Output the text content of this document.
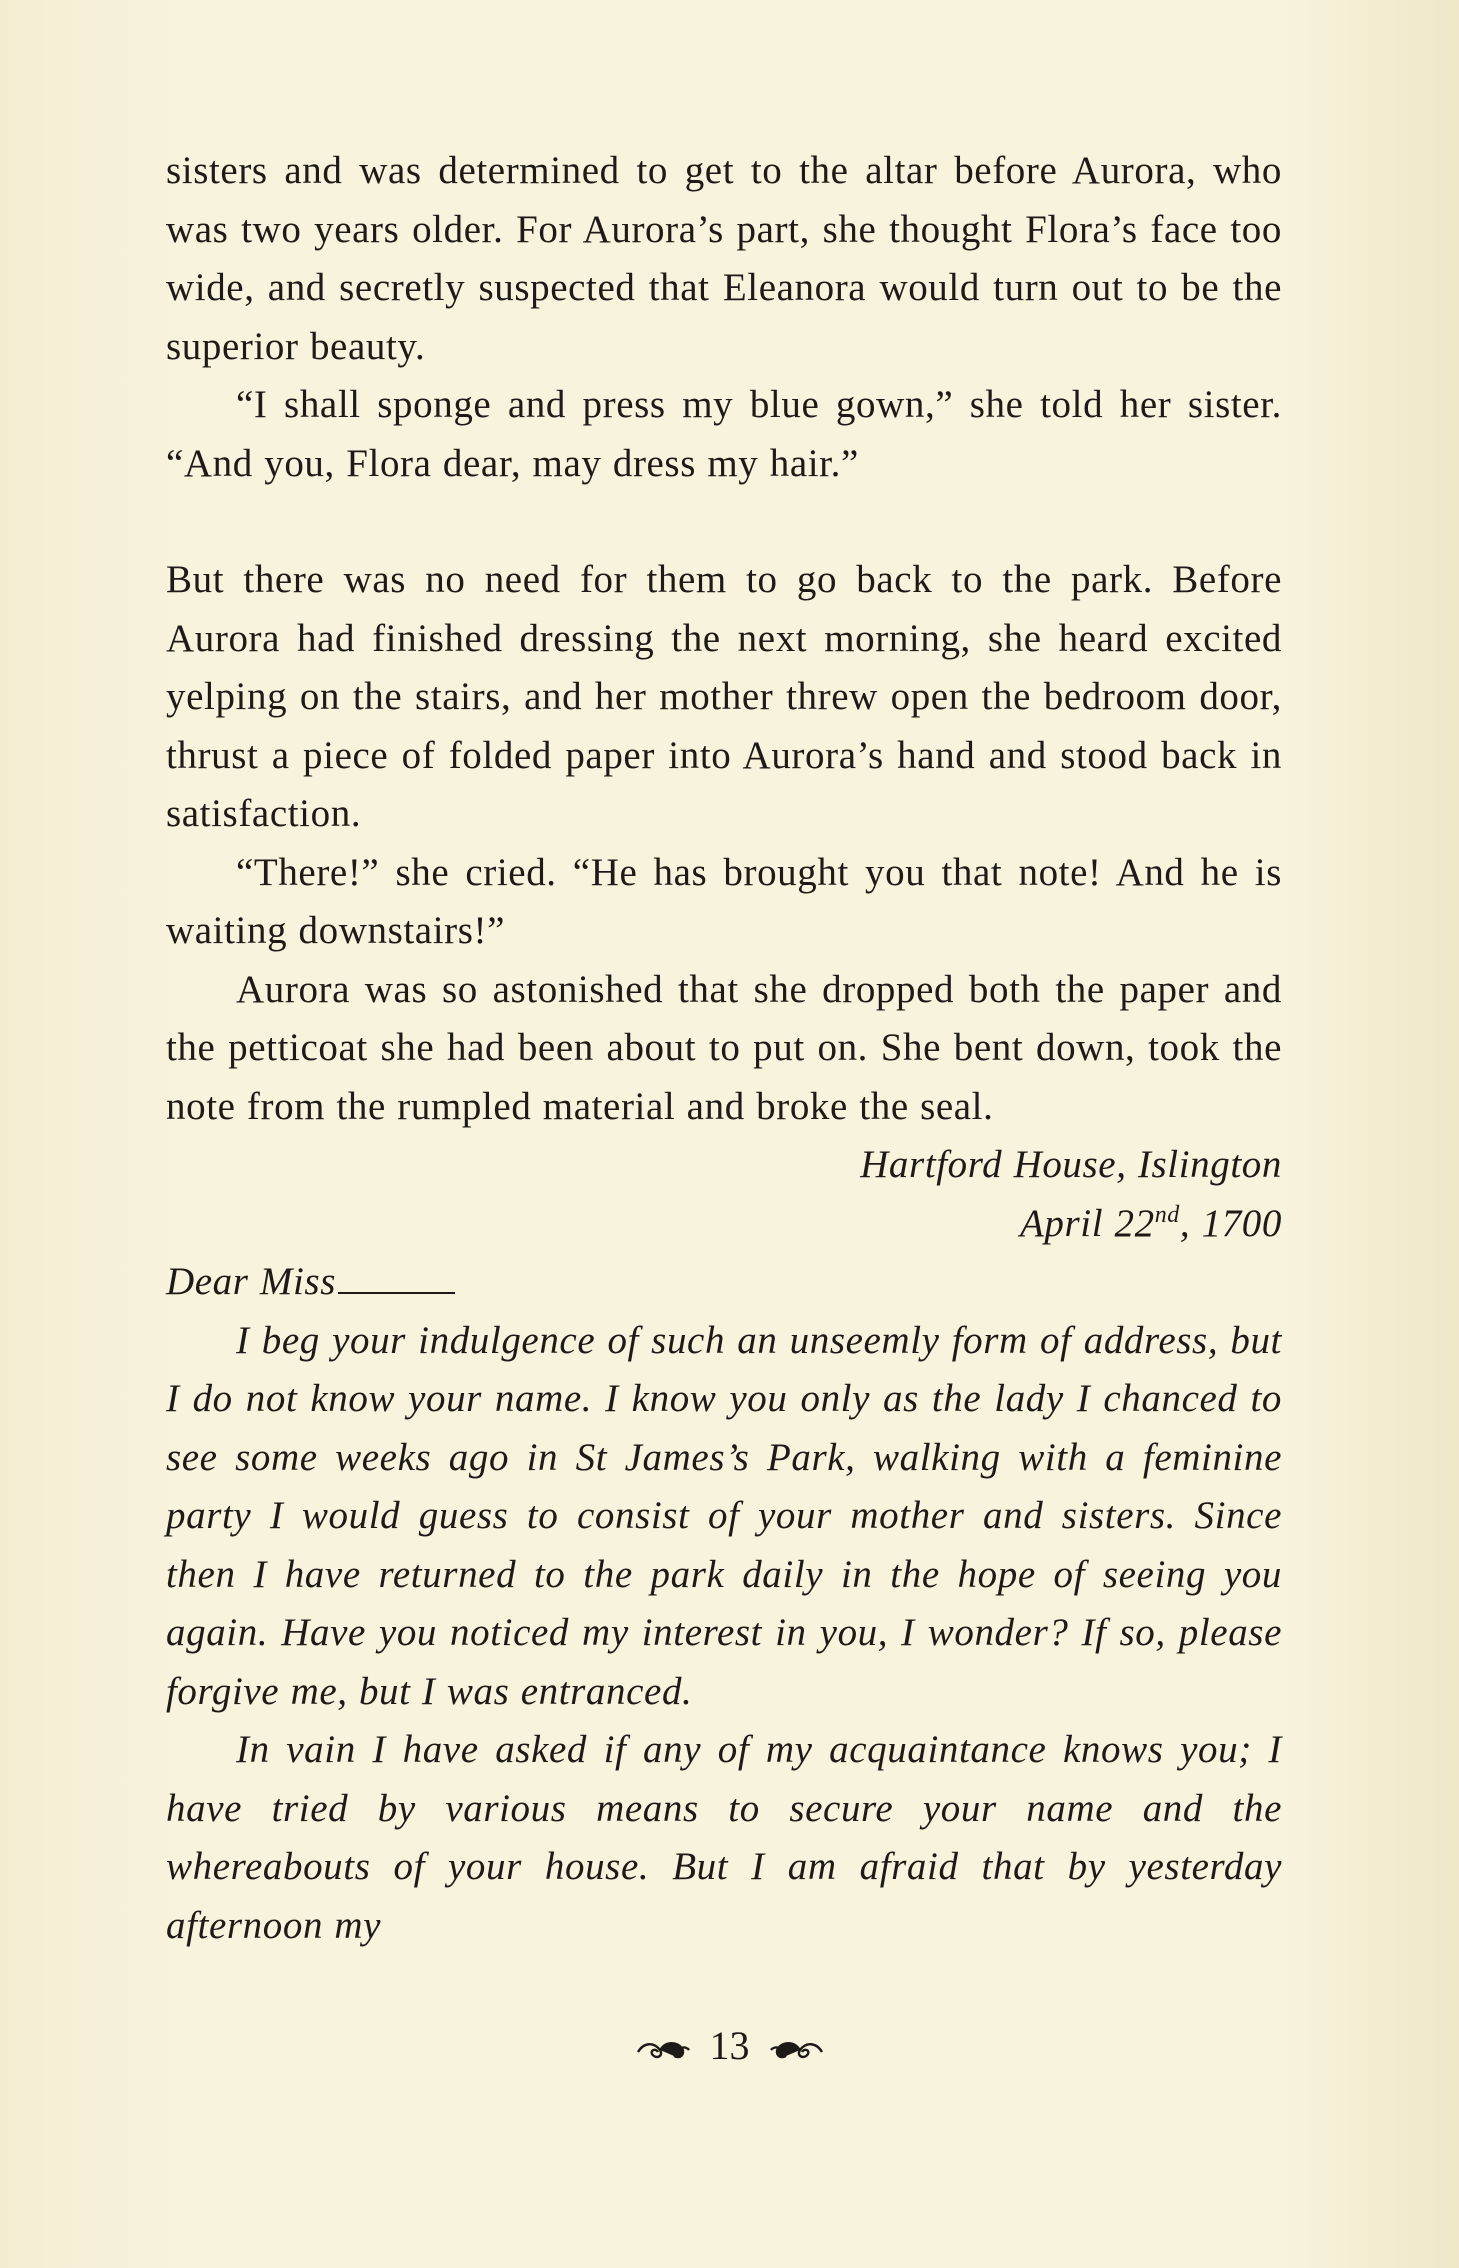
sisters and was determined to get to the altar before Aurora, who was two years older. For Aurora’s part, she thought Flora’s face too wide, and secretly suspected that Eleanora would turn out to be the superior beauty.

“I shall sponge and press my blue gown,” she told her sister. “And you, Flora dear, may dress my hair.”

But there was no need for them to go back to the park. Before Aurora had finished dressing the next morning, she heard excited yelping on the stairs, and her mother threw open the bedroom door, thrust a piece of folded paper into Aurora’s hand and stood back in satisfaction.

“There!” she cried. “He has brought you that note! And he is waiting downstairs!”

Aurora was so astonished that she dropped both the paper and the petticoat she had been about to put on. She bent down, took the note from the rumpled material and broke the seal.

Hartford House, Islington

April 22nd, 1700

Dear Miss

I beg your indulgence of such an unseemly form of address, but I do not know your name. I know you only as the lady I chanced to see some weeks ago in St James’s Park, walking with a feminine party I would guess to consist of your mother and sisters. Since then I have returned to the park daily in the hope of seeing you again. Have you noticed my interest in you, I wonder? If so, please forgive me, but I was entranced.

In vain I have asked if any of my acquaintance knows you; I have tried by various means to secure your name and the whereabouts of your house. But I am afraid that by yesterday afternoon my

13
